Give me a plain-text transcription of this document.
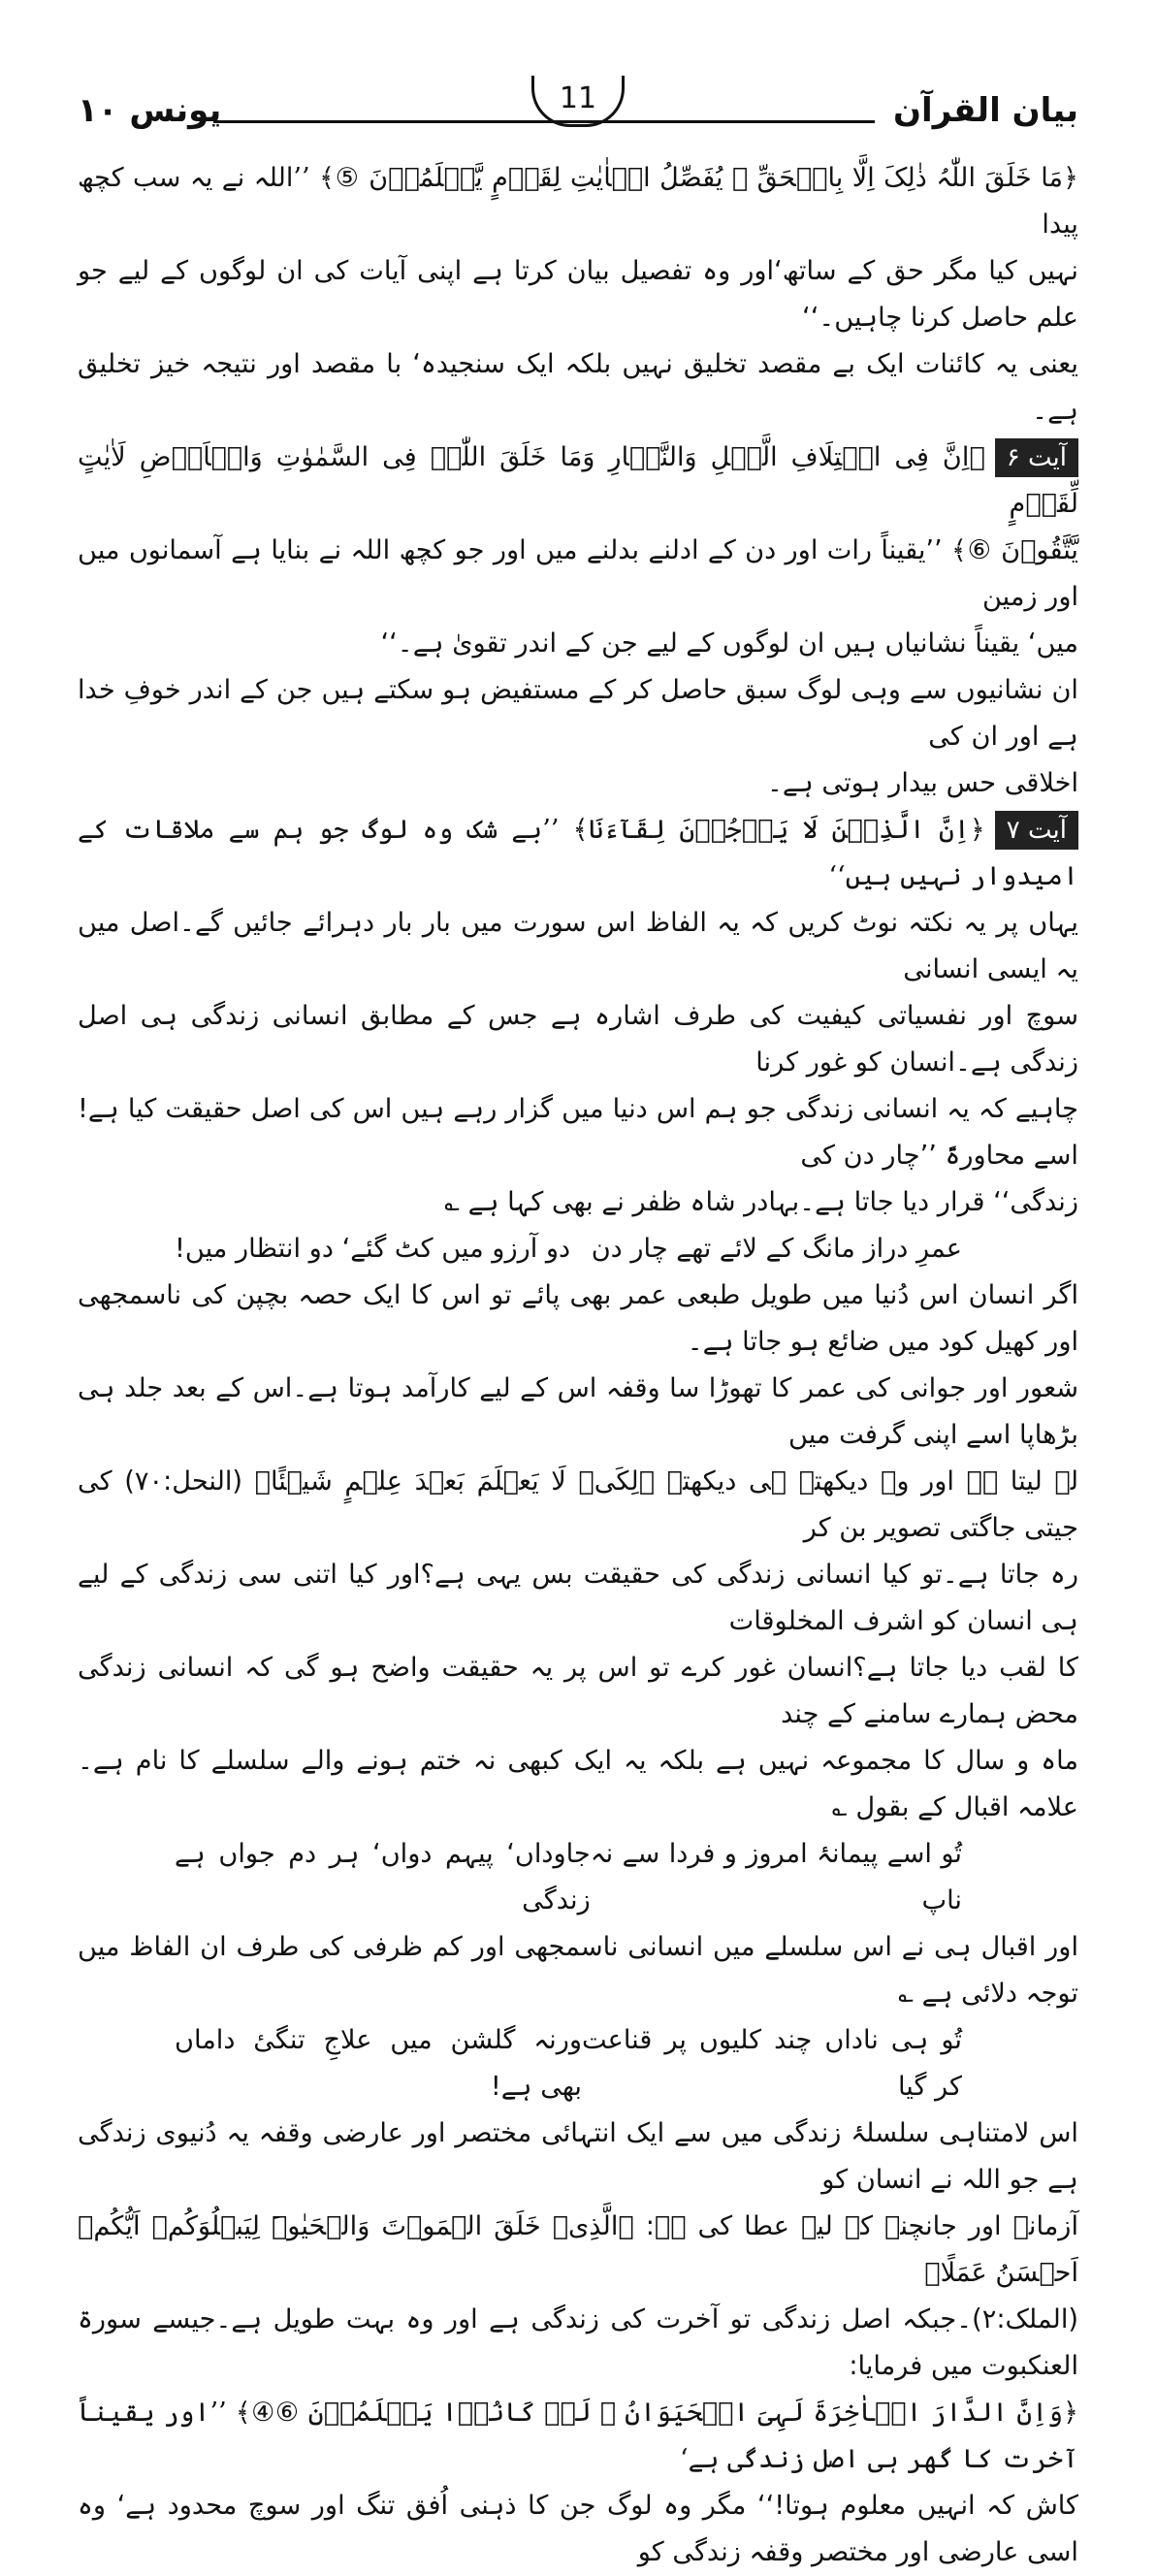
یونس ۱۰	11	بیان القرآن

﴿مَا خَلَقَ اللّٰہُ ذٰلِکَ اِلَّا بِالۡحَقِّ ۚ یُفَصِّلُ الۡاٰیٰتِ لِقَوۡمٍ یَّعۡلَمُوۡنَ ⑤﴾ ’’اللہ نے یہ سب کچھ پیدا

نہیں کیا مگر حق کے ساتھ‘اور وہ تفصیل بیان کرتا ہے اپنی آیات کی ان لوگوں کے لیے جو علم حاصل کرنا چاہیں۔‘‘

یعنی یہ کائنات ایک بے مقصد تخلیق نہیں بلکہ ایک سنجیدہ‘ با مقصد اور نتیجہ خیز تخلیق ہے۔

آیت ۶﴿اِنَّ فِی اخۡتِلَافِ الَّیۡلِ وَالنَّہَارِ وَمَا خَلَقَ اللّٰہُ فِی السَّمٰوٰتِ وَالۡاَرۡضِ لَاٰیٰتٍ لِّقَوۡمٍ

یَّتَّقُوۡنَ ⑥﴾ ’’یقیناً رات اور دن کے ادلنے بدلنے میں اور جو کچھ اللہ نے بنایا ہے آسمانوں میں اور زمین

میں‘ یقیناً نشانیاں ہیں ان لوگوں کے لیے جن کے اندر تقویٰ ہے۔‘‘

ان نشانیوں سے وہی لوگ سبق حاصل کر کے مستفیض ہو سکتے ہیں جن کے اندر خوفِ خدا ہے اور ان کی

اخلاقی حس بیدار ہوتی ہے۔

آیت ۷﴿اِنَّ الَّذِیۡنَ لَا یَرۡجُوۡنَ لِقَآءَنَا﴾ ’’بے شک وہ لوگ جو ہم سے ملاقات کے امیدوار نہیں ہیں‘‘

یہاں پر یہ نکتہ نوٹ کریں کہ یہ الفاظ اس سورت میں بار بار دہرائے جائیں گے۔اصل میں یہ ایسی انسانی

سوچ اور نفسیاتی کیفیت کی طرف اشارہ ہے جس کے مطابق انسانی زندگی ہی اصل زندگی ہے۔انسان کو غور کرنا

چاہیے کہ یہ انسانی زندگی جو ہم اس دنیا میں گزار رہے ہیں اس کی اصل حقیقت کیا ہے!اسے محاورۃً ’’چار دن کی

زندگی‘‘ قرار دیا جاتا ہے۔بہادر شاہ ظفر نے بھی کہا ہے ؎

عمرِ دراز مانگ کے لائے تھے چار دن
دو آرزو میں کٹ گئے‘ دو انتظار میں!

اگر انسان اس دُنیا میں طویل طبعی عمر بھی پائے تو اس کا ایک حصہ بچپن کی ناسمجھی اور کھیل کود میں ضائع ہو جاتا ہے۔

شعور اور جوانی کی عمر کا تھوڑا سا وقفہ اس کے لیے کارآمد ہوتا ہے۔اس کے بعد جلد ہی بڑھاپا اسے اپنی گرفت میں

لے لیتا ہے اور وہ دیکھتے ہی دیکھتے ﴿لِکَیۡ لَا یَعۡلَمَ بَعۡدَ عِلۡمٍ شَیۡئًا﴾ (النحل:۷۰) کی جیتی جاگتی تصویر بن کر

رہ جاتا ہے۔تو کیا انسانی زندگی کی حقیقت بس یہی ہے؟اور کیا اتنی سی زندگی کے لیے ہی انسان کو اشرف المخلوقات

کا لقب دیا جاتا ہے؟انسان غور کرے تو اس پر یہ حقیقت واضح ہو گی کہ انسانی زندگی محض ہمارے سامنے کے چند

ماہ و سال کا مجموعہ نہیں ہے بلکہ یہ ایک کبھی نہ ختم ہونے والے سلسلے کا نام ہے۔علامہ اقبال کے بقول ؎

تُو اسے پیمانۂ امروز و فردا سے نہ ناپ
جاوداں‘ پیہم دواں‘ ہر دم جواں ہے زندگی

اور اقبال ہی نے اس سلسلے میں انسانی ناسمجھی اور کم ظرفی کی طرف ان الفاظ میں توجہ دلائی ہے ؎

تُو ہی ناداں چند کلیوں پر قناعت کر گیا
ورنہ گلشن میں علاجِ تنگیٔ داماں بھی ہے!

اس لامتناہی سلسلۂ زندگی میں سے ایک انتہائی مختصر اور عارضی وقفہ یہ دُنیوی زندگی ہے جو اللہ نے انسان کو

آزمانے اور جانچنے کے لیے عطا کی ہے: ﴿الَّذِیۡ خَلَقَ الۡمَوۡتَ وَالۡحَیٰوۃَ لِیَبۡلُوَکُمۡ اَیُّکُمۡ اَحۡسَنُ عَمَلًا﴾

(الملک:۲)۔جبکہ اصل زندگی تو آخرت کی زندگی ہے اور وہ بہت طویل ہے۔جیسے سورۃ العنکبوت میں فرمایا:

﴿وَاِنَّ الدَّارَ الۡاٰخِرَۃَ لَہِیَ الۡحَیَوَانُ ۘ لَوۡ کَانُوۡا یَعۡلَمُوۡنَ ⑥④﴾ ’’اور یقیناً آخرت کا گھر ہی اصل زندگی ہے‘

کاش کہ انہیں معلوم ہوتا!‘‘ مگر وہ لوگ جن کا ذہنی اُفق تنگ اور سوچ محدود ہے‘ وہ اسی عارضی اور مختصر وقفہ زندگی کو
